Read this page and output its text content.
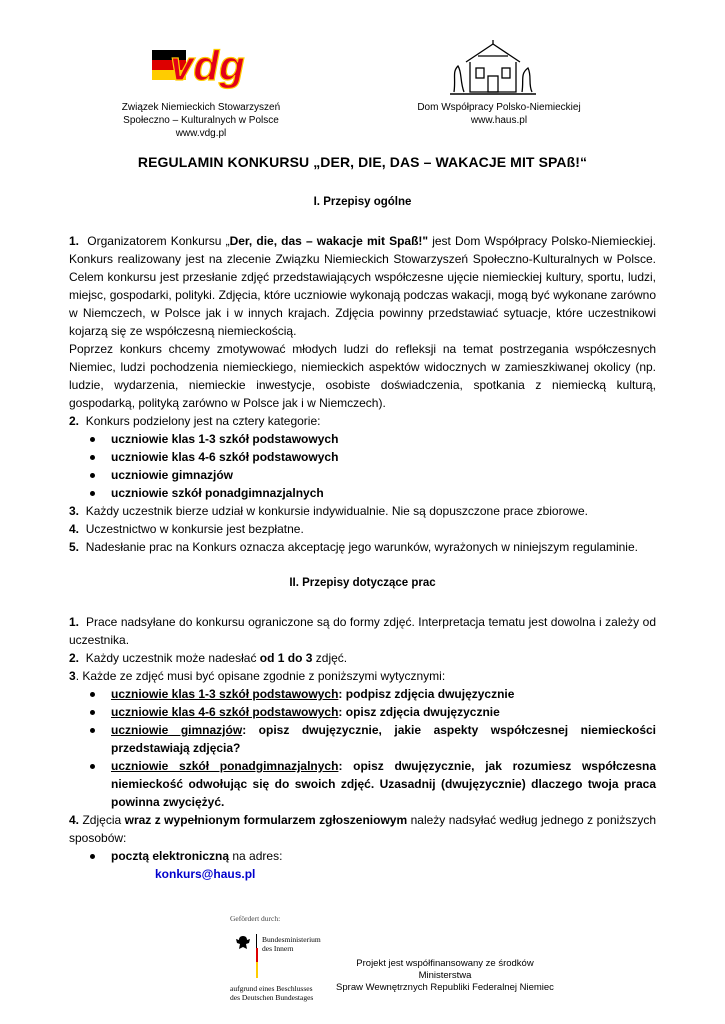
vdg
Związek Niemieckich Stowarzyszeń
Społeczno – Kulturalnych w Polsce
www.vdg.pl
Dom Współpracy Polsko-Niemieckiej
www.haus.pl
REGULAMIN KONKURSU „DER, DIE, DAS – WAKACJE MIT SPAß!“
I. Przepisy ogólne

1. Organizatorem Konkursu „Der, die, das – wakacje mit Spaß!" jest Dom Współpracy Polsko-Niemieckiej. Konkurs realizowany jest na zlecenie Związku Niemieckich Stowarzyszeń Społeczno-Kulturalnych w Polsce. Celem konkursu jest przesłanie zdjęć przedstawiających współczesne ujęcie niemieckiej kultury, sportu, ludzi, miejsc, gospodarki, polityki. Zdjęcia, które uczniowie wykonają podczas wakacji, mogą być wykonane zarówno w Niemczech, w Polsce jak i w innych krajach. Zdjęcia powinny przedstawiać sytuacje, które uczestnikowi kojarzą się ze współczesną niemieckością.

Poprzez konkurs chcemy zmotywować młodych ludzi do refleksji na temat postrzegania współczesnych Niemiec, ludzi pochodzenia niemieckiego, niemieckich aspektów widocznych w zamieszkiwanej okolicy (np. ludzie, wydarzenia, niemieckie inwestycje, osobiste doświadczenia, spotkania z niemiecką kulturą, gospodarką, polityką zarówno w Polsce jak i w Niemczech).

2. Konkurs podzielony jest na cztery kategorie:

uczniowie klas 1-3 szkół podstawowych
uczniowie klas 4-6 szkół podstawowych
uczniowie gimnazjów
uczniowie szkół ponadgimnazjalnych

3. Każdy uczestnik bierze udział w konkursie indywidualnie. Nie są dopuszczone prace zbiorowe.

4. Uczestnictwo w konkursie jest bezpłatne.

5. Nadesłanie prac na Konkurs oznacza akceptację jego warunków, wyrażonych w niniejszym regulaminie.

II. Przepisy dotyczące prac

1.  Prace nadsyłane do konkursu ograniczone są do formy zdjęć. Interpretacja tematu jest dowolna i zależy od uczestnika.

2. Każdy uczestnik może nadesłać od 1 do 3 zdjęć.

3. Każde ze zdjęć musi być opisane zgodnie z poniższymi wytycznymi:

uczniowie klas 1-3 szkół podstawowych: podpisz zdjęcia dwujęzycznie
uczniowie klas 4-6 szkół podstawowych: opisz zdjęcia dwujęzycznie
uczniowie gimnazjów: opisz dwujęzycznie, jakie aspekty współczesnej niemieckości przedstawiają zdjęcia?
uczniowie szkół ponadgimnazjalnych: opisz dwujęzycznie, jak rozumiesz współczesna niemieckość odwołując się do swoich zdjęć. Uzasadnij (dwujęzycznie) dlaczego twoja praca powinna zwyciężyć.

4. Zdjęcia wraz z wypełnionym formularzem zgłoszeniowym należy nadsyłać według jednego z poniższych sposobów:

pocztą elektroniczną na adres:

konkurs@haus.pl

Gefördert durch:
Bundesministerium
des Innern
aufgrund eines Beschlusses
des Deutschen Bundestages
Projekt jest współfinansowany ze środków Ministerstwa
Spraw Wewnętrznych Republiki Federalnej Niemiec
